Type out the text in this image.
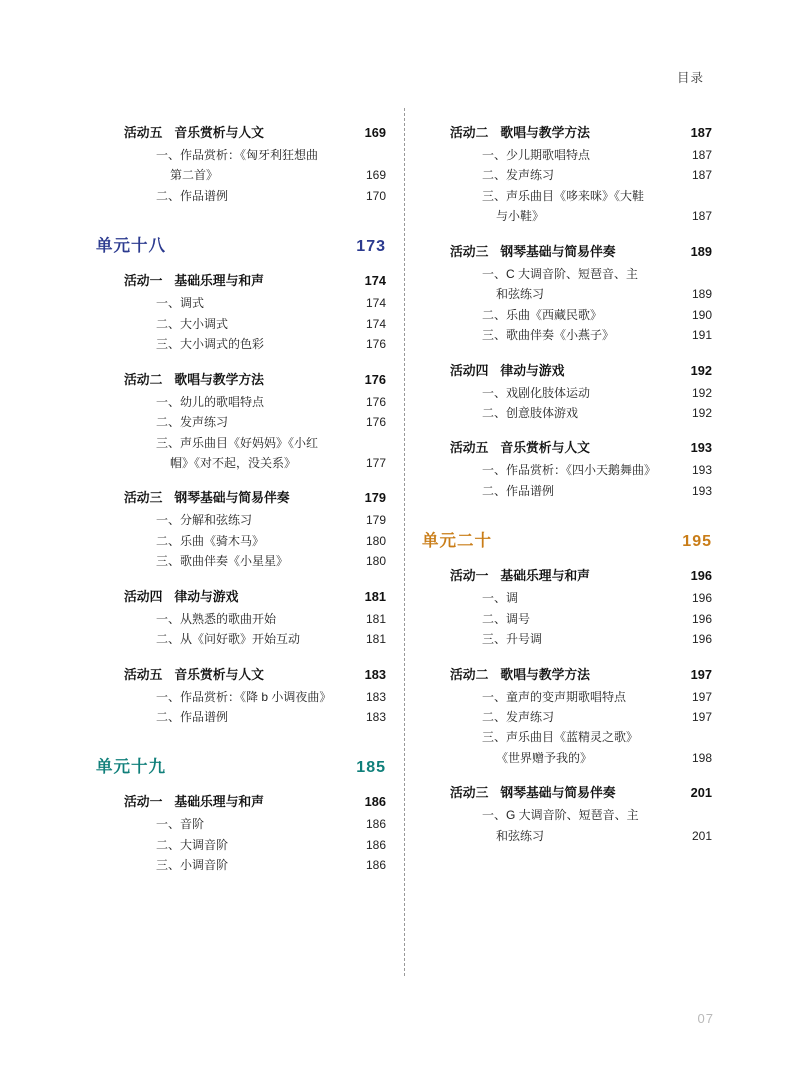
目录
活动五 音乐赏析与人文	169
一、作品赏析：《匈牙利狂想曲
第二首》	169
二、作品谱例	170
单元十八	173
活动一 基础乐理与和声	174
一、调式	174
二、大小调式	174
三、大小调式的色彩	176
活动二 歌唱与教学方法	176
一、幼儿的歌唱特点	176
二、发声练习	176
三、声乐曲目《好妈妈》《小红
帽》《对不起，没关系》	177
活动三 钢琴基础与简易伴奏	179
一、分解和弦练习	179
二、乐曲《骑木马》	180
三、歌曲伴奏《小星星》	180
活动四 律动与游戏	181
一、从熟悉的歌曲开始	181
二、从《问好歌》开始互动	181
活动五 音乐赏析与人文	183
一、作品赏析：《降 b 小调夜曲》	183
二、作品谱例	183
单元十九	185
活动一 基础乐理与和声	186
一、音阶	186
二、大调音阶	186
三、小调音阶	186
活动二 歌唱与教学方法	187
一、少儿期歌唱特点	187
二、发声练习	187
三、声乐曲目《哆来咪》《大鞋
与小鞋》	187
活动三 钢琴基础与简易伴奏	189
一、C 大调音阶、短琶音、主
和弦练习	189
二、乐曲《西藏民歌》	190
三、歌曲伴奏《小燕子》	191
活动四 律动与游戏	192
一、戏剧化肢体运动	192
二、创意肢体游戏	192
活动五 音乐赏析与人文	193
一、作品赏析：《四小天鹅舞曲》	193
二、作品谱例	193
单元二十	195
活动一 基础乐理与和声	196
一、调	196
二、调号	196
三、升号调	196
活动二 歌唱与教学方法	197
一、童声的变声期歌唱特点	197
二、发声练习	197
三、声乐曲目《蓝精灵之歌》
《世界赠予我的》	198
活动三 钢琴基础与简易伴奏	201
一、G 大调音阶、短琶音、主
和弦练习	201
07
